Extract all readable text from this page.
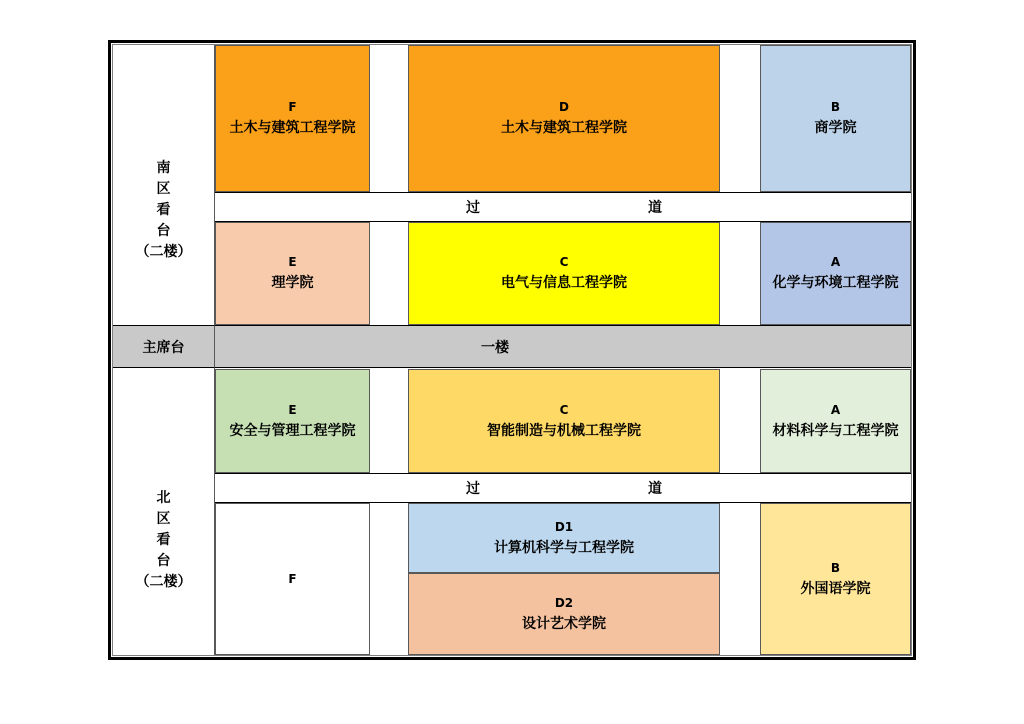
南
区
看
台
（二楼）
F
土木与建筑工程学院
D
土木与建筑工程学院
B
商学院
过	道
E
理学院
C
电气与信息工程学院
A
化学与环境工程学院
主席台	一楼
北
区
看
台
（二楼）
E
安全与管理工程学院
C
智能制造与机械工程学院
A
材料科学与工程学院
过	道
F
D1
计算机科学与工程学院
D2
设计艺术学院
B
外国语学院
